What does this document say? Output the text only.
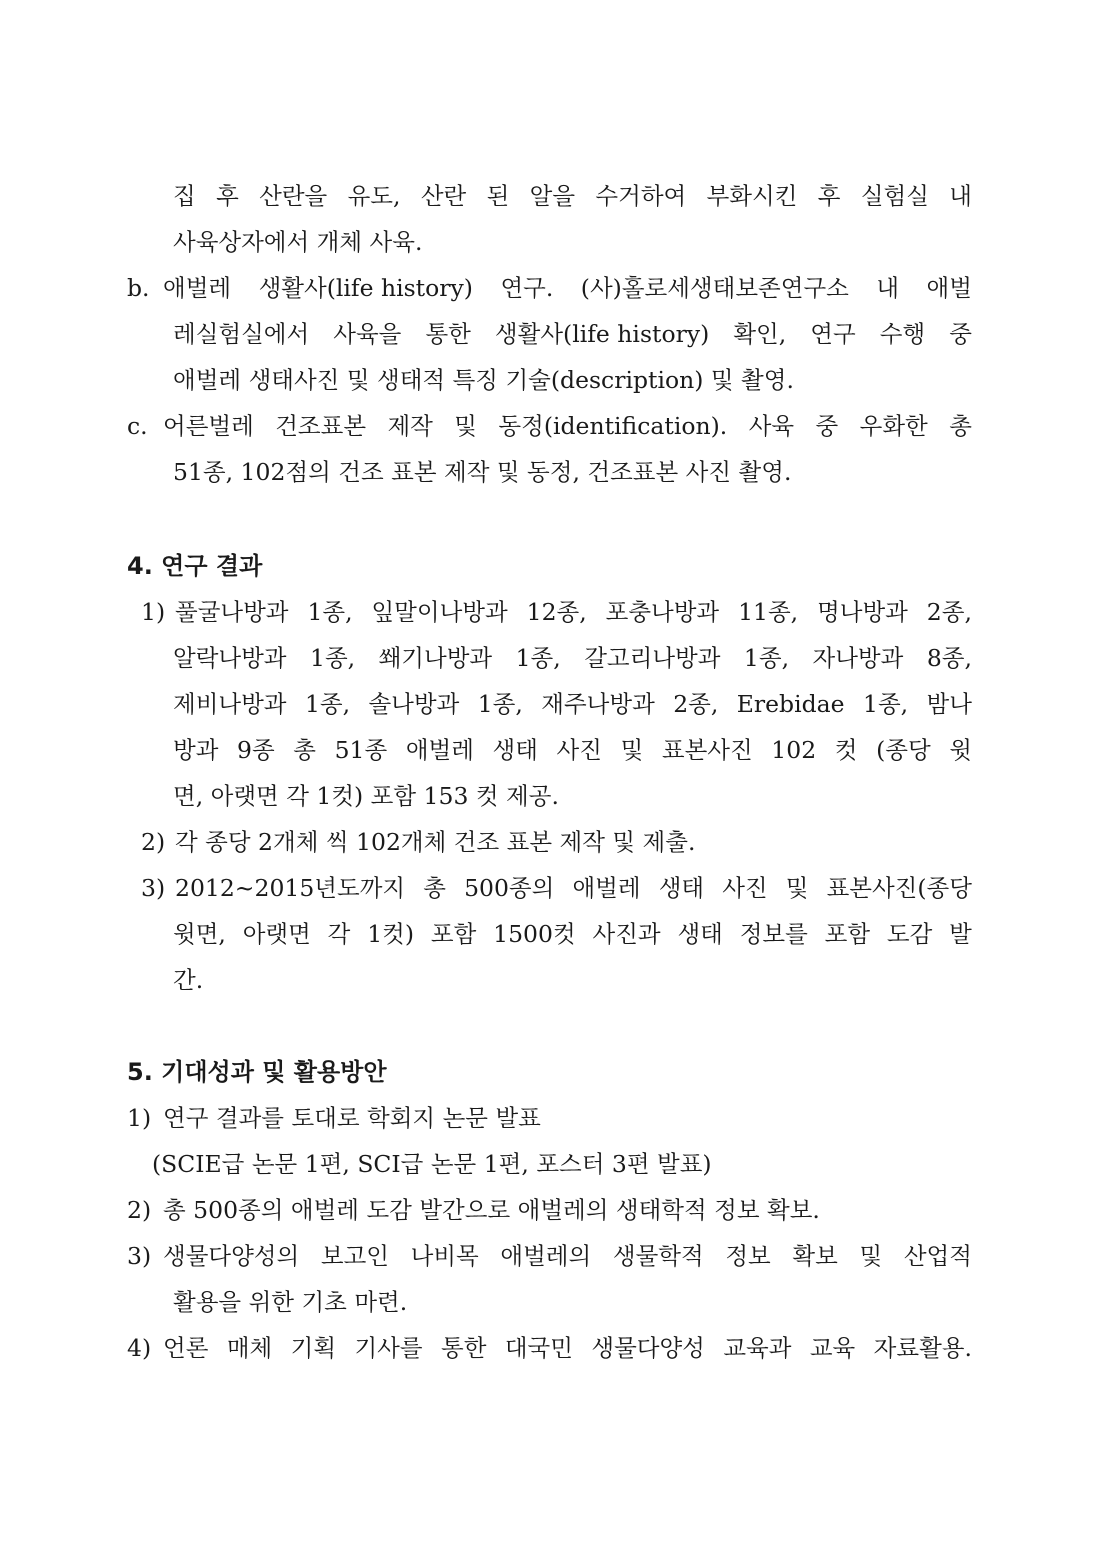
집 후 산란을 유도, 산란 된 알을 수거하여 부화시킨 후 실험실 내
사육상자에서 개체 사육.
b. 애벌레 생활사(life history) 연구. (사)홀로세생태보존연구소 내 애벌
레실험실에서 사육을 통한 생활사(life history) 확인, 연구 수행 중
애벌레 생태사진 및 생태적 특징 기술(description) 및 촬영.
c. 어른벌레 건조표본 제작 및 동정(identification). 사육 중 우화한 총
51종, 102점의 건조 표본 제작 및 동정, 건조표본 사진 촬영.
4. 연구 결과
1) 풀굴나방과 1종, 잎말이나방과 12종, 포충나방과 11종, 명나방과 2종,
알락나방과 1종, 쐐기나방과 1종, 갈고리나방과 1종, 자나방과 8종,
제비나방과 1종, 솔나방과 1종, 재주나방과 2종, Erebidae 1종, 밤나
방과 9종 총 51종 애벌레 생태 사진 및 표본사진 102 컷 (종당 윗
면, 아랫면 각 1컷) 포함 153 컷 제공.
2) 각 종당 2개체 씩 102개체 건조 표본 제작 및 제출.
3) 2012~2015년도까지 총 500종의 애벌레 생태 사진 및 표본사진(종당
윗면, 아랫면 각 1컷) 포함 1500컷 사진과 생태 정보를 포함 도감 발
간.
5. 기대성과 및 활용방안
1) 연구 결과를 토대로 학회지 논문 발표
(SCIE급 논문 1편, SCI급 논문 1편, 포스터 3편 발표)
2) 총 500종의 애벌레 도감 발간으로 애벌레의 생태학적 정보 확보.
3) 생물다양성의 보고인 나비목 애벌레의 생물학적 정보 확보 및 산업적
활용을 위한 기초 마련.
4) 언론 매체 기획 기사를 통한 대국민 생물다양성 교육과 교육 자료활용.
